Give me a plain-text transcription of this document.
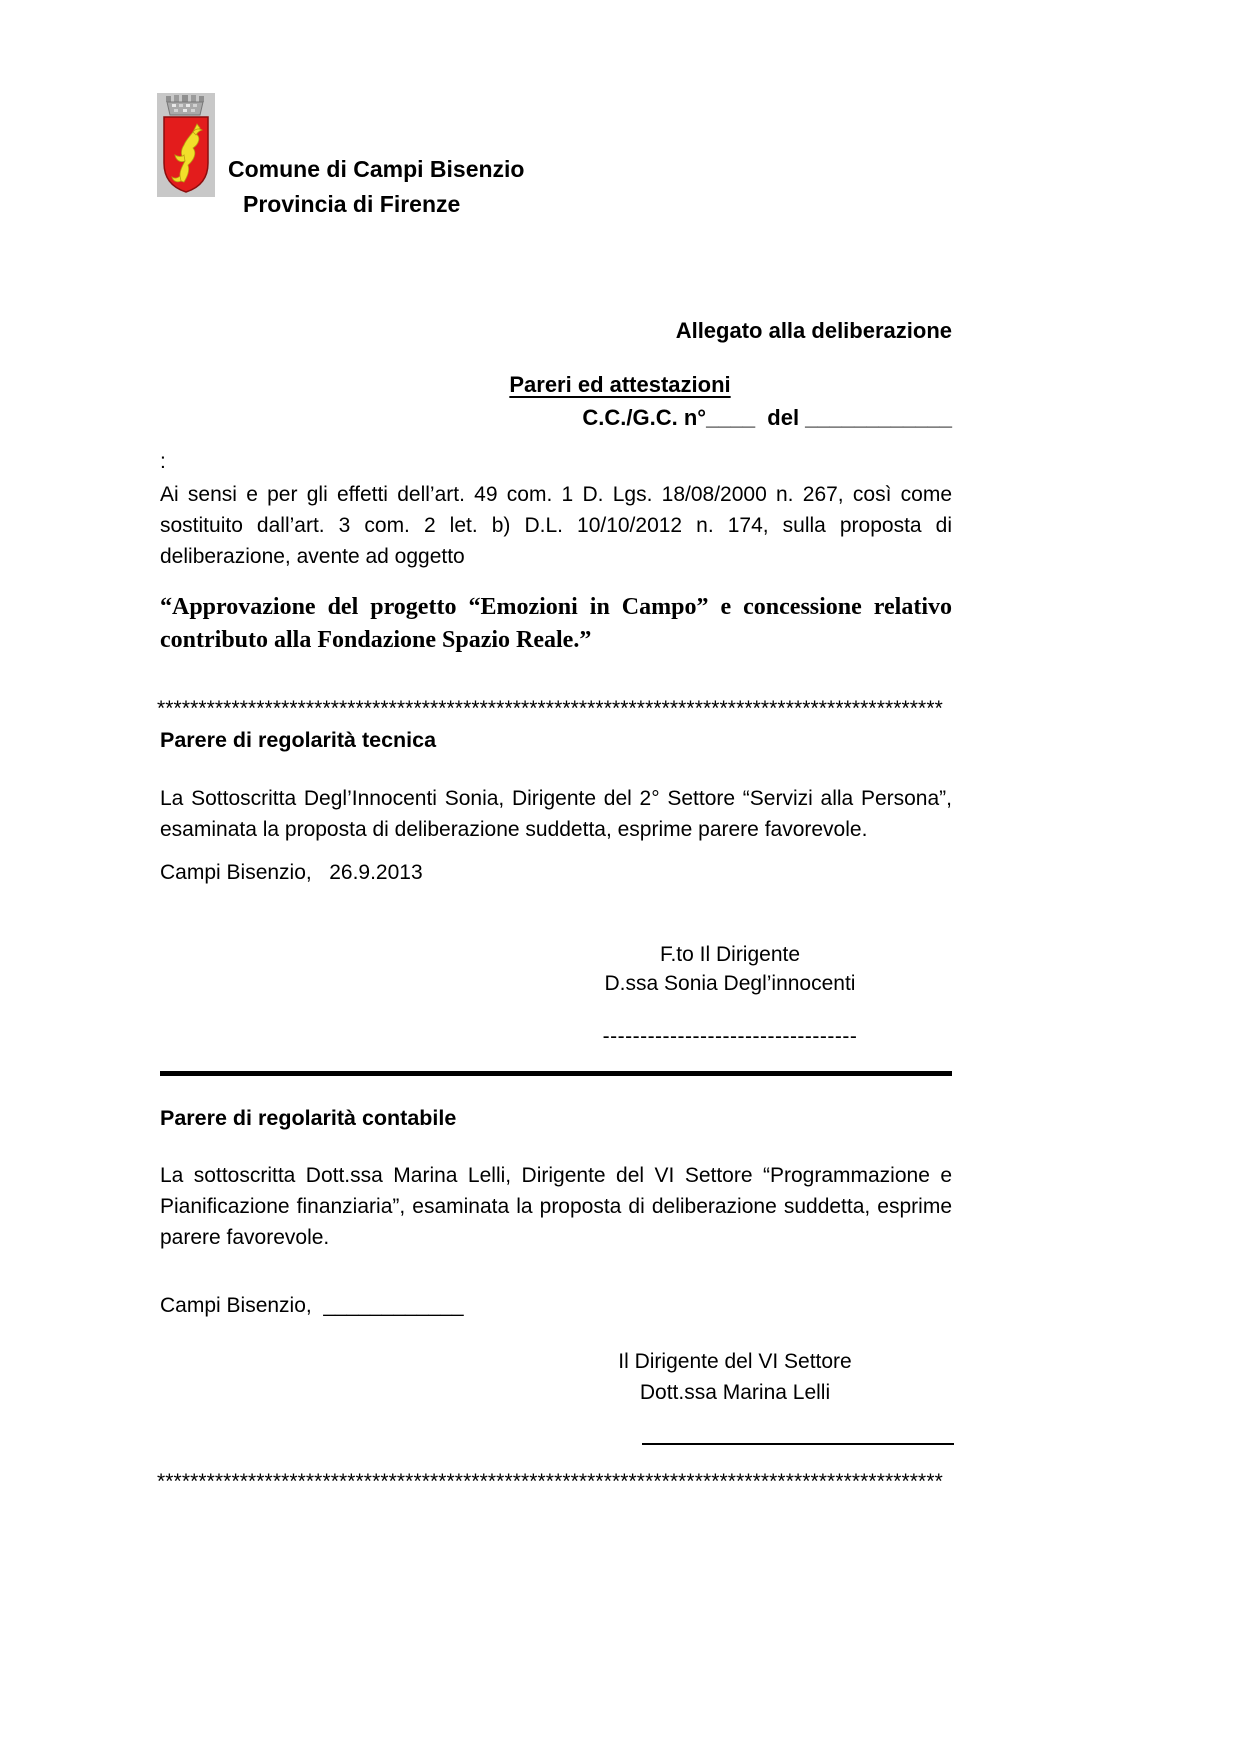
Comune di Campi Bisenzio
Provincia di Firenze

Allegato alla deliberazione

C.C./G.C. n°____  del ____________

Pareri ed attestazioni
:
Ai sensi e per gli effetti dell’art. 49 com. 1 D. Lgs. 18/08/2000 n. 267, così come sostituito dall’art. 3 com. 2 let. b) D.L. 10/10/2012 n. 174, sulla proposta di deliberazione, avente ad oggetto
“Approvazione del progetto “Emozioni in Campo” e concessione relativo contributo alla Fondazione Spazio Reale.”
***********************************************************************************************
Parere di regolarità tecnica
La Sottoscritta Degl’Innocenti Sonia, Dirigente del 2° Settore “Servizi alla Persona”, esaminata la proposta di deliberazione suddetta, esprime parere favorevole.
Campi Bisenzio,   26.9.2013
F.to Il Dirigente
D.ssa Sonia Degl’innocenti
----------------------------------
Parere di regolarità contabile
La sottoscritta Dott.ssa Marina Lelli, Dirigente del VI Settore “Programmazione e Pianificazione finanziaria”, esaminata la proposta di deliberazione suddetta, esprime parere favorevole.
Campi Bisenzio,  ____________
Il Dirigente del VI Settore
Dott.ssa Marina Lelli
***********************************************************************************************
